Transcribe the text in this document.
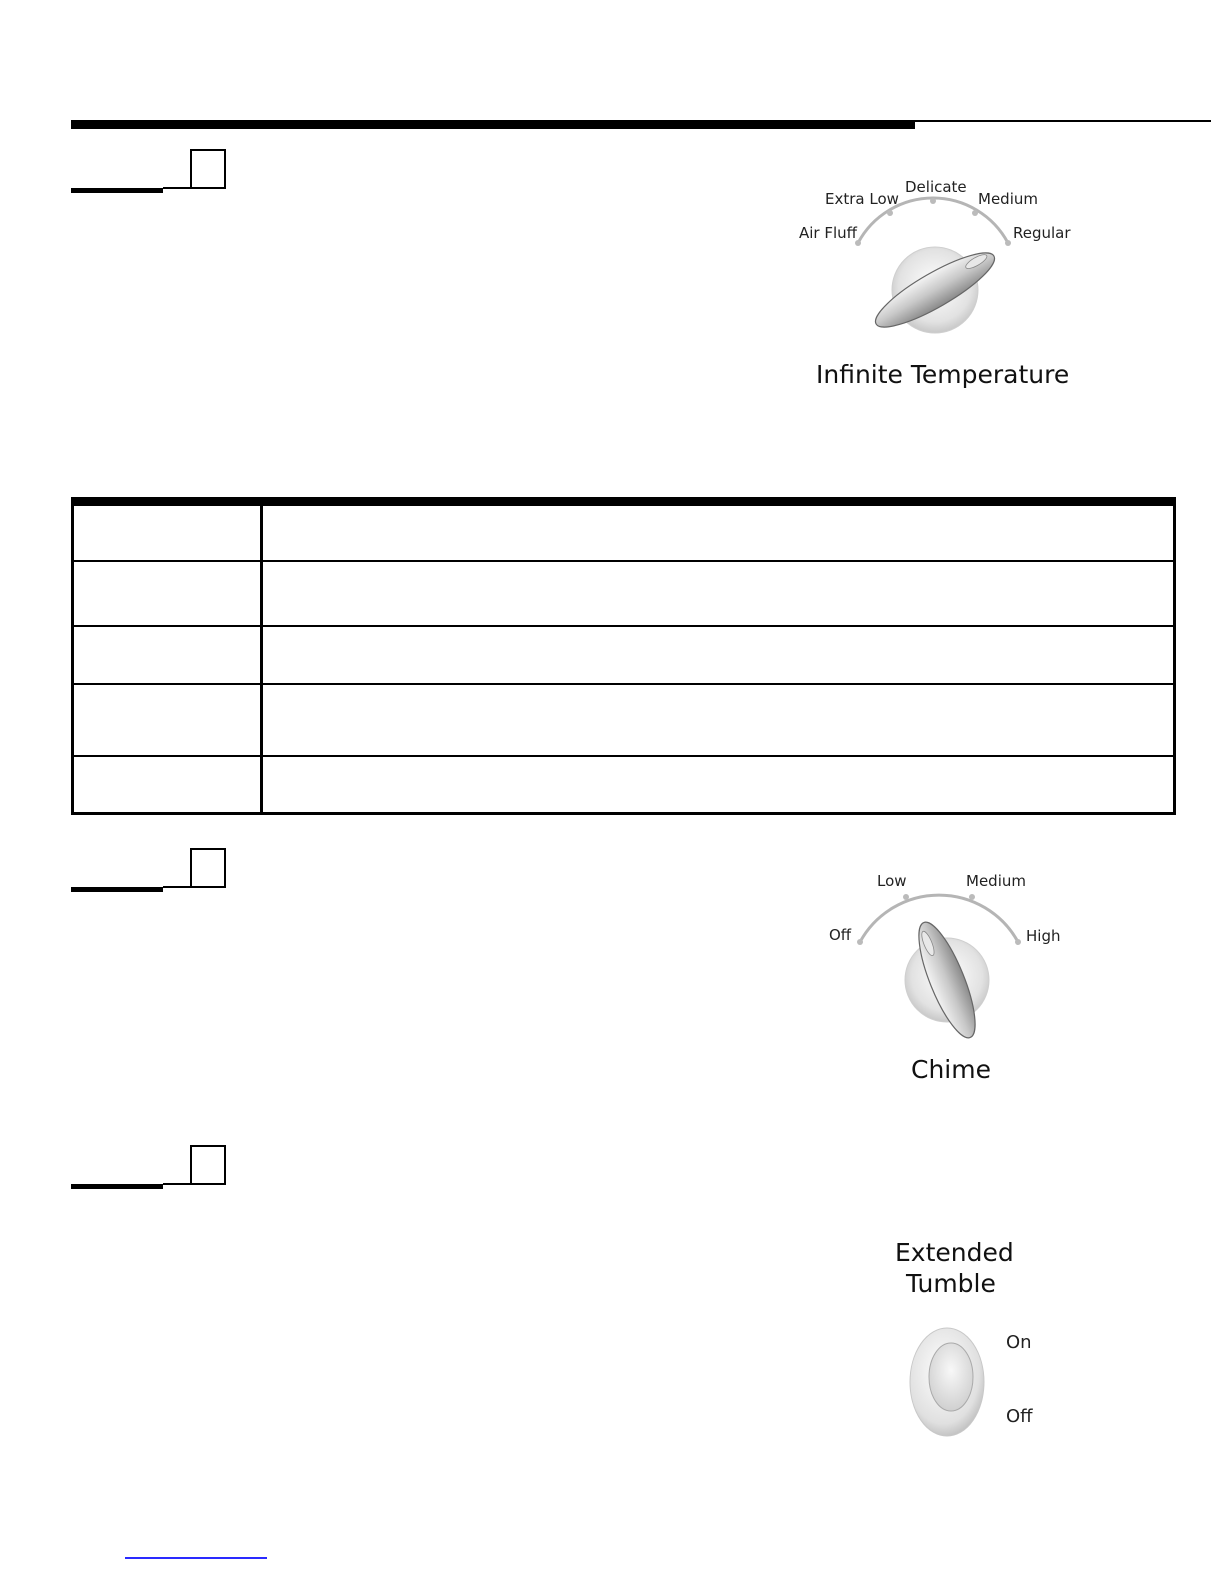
Air Fluff
Extra Low
Delicate
Medium
Regular
Infinite Temperature

Off
Low	Medium
High
Chime
Extended
Tumble
On
Off
